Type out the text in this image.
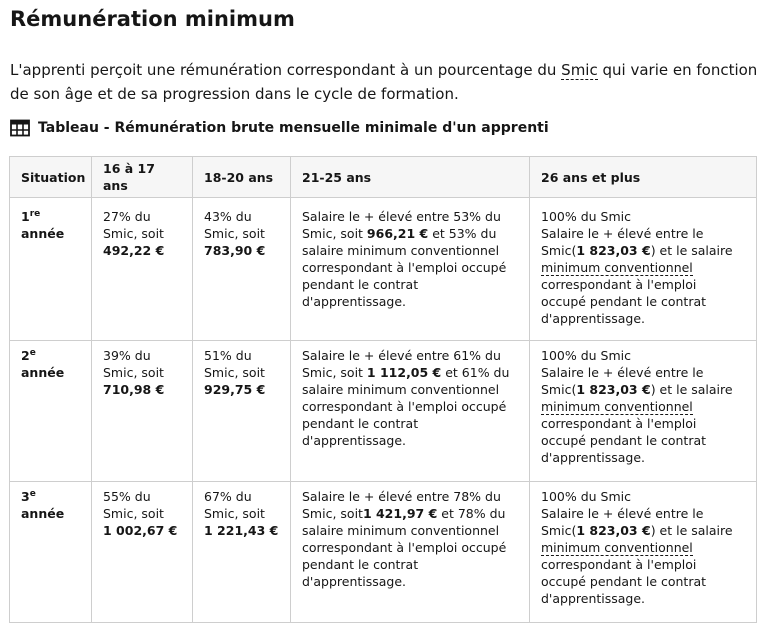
Rémunération minimum

L'apprenti perçoit une rémunération correspondant à un pourcentage du Smic qui varie en fonction de son âge et de sa progression dans le cycle de formation.

Tableau - Rémunération brute mensuelle minimale d'un apprenti
Situation	16 à 17 ans	18-20 ans	21-25 ans	26 ans et plus
1re
année	27% du
Smic, soit
492,22 €	43% du
Smic, soit
783,90 €	Salaire le + élevé entre 53% du
Smic, soit 966,21 € et 53% du
salaire minimum conventionnel correspondant à l'emploi occupé pendant le contrat d'apprentissage.	100% du Smic
Salaire le + élevé entre le
Smic(1 823,03 €) et le salaire
minimum conventionnel
correspondant à l'emploi occupé pendant le contrat d'apprentissage.
2e année	39% du
Smic, soit
710,98 €	51% du
Smic, soit
929,75 €	Salaire le + élevé entre 61% du
Smic, soit 1 112,05 € et 61% du
salaire minimum conventionnel correspondant à l'emploi occupé pendant le contrat d'apprentissage.	100% du Smic
Salaire le + élevé entre le
Smic(1 823,03 €) et le salaire
minimum conventionnel
correspondant à l'emploi occupé pendant le contrat d'apprentissage.
3e année	55% du
Smic, soit
1 002,67 €	67% du
Smic, soit
1 221,43 €	Salaire le + élevé entre 78% du
Smic, soit1 421,97 € et 78% du
salaire minimum conventionnel correspondant à l'emploi occupé pendant le contrat d'apprentissage.	100% du Smic
Salaire le + élevé entre le
Smic(1 823,03 €) et le salaire
minimum conventionnel
correspondant à l'emploi occupé pendant le contrat d'apprentissage.
